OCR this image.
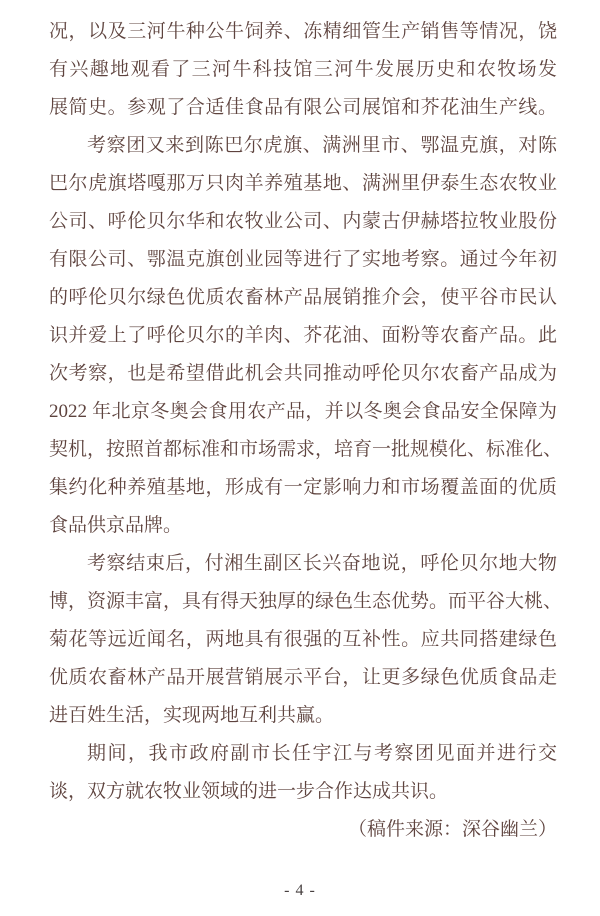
况，以及三河牛种公牛饲养、冻精细管生产销售等情况，饶
有兴趣地观看了三河牛科技馆三河牛发展历史和农牧场发
展简史。参观了合适佳食品有限公司展馆和芥花油生产线。
考察团又来到陈巴尔虎旗、满洲里市、鄂温克旗，对陈
巴尔虎旗塔嘎那万只肉羊养殖基地、满洲里伊泰生态农牧业
公司、呼伦贝尔华和农牧业公司、内蒙古伊赫塔拉牧业股份
有限公司、鄂温克旗创业园等进行了实地考察。通过今年初
的呼伦贝尔绿色优质农畜林产品展销推介会，使平谷市民认
识并爱上了呼伦贝尔的羊肉、芥花油、面粉等农畜产品。此
次考察，也是希望借此机会共同推动呼伦贝尔农畜产品成为
2022 年北京冬奥会食用农产品，并以冬奥会食品安全保障为
契机，按照首都标准和市场需求，培育一批规模化、标准化、
集约化种养殖基地，形成有一定影响力和市场覆盖面的优质
食品供京品牌。
考察结束后，付湘生副区长兴奋地说，呼伦贝尔地大物
博，资源丰富，具有得天独厚的绿色生态优势。而平谷大桃、
菊花等远近闻名，两地具有很强的互补性。应共同搭建绿色
优质农畜林产品开展营销展示平台，让更多绿色优质食品走
进百姓生活，实现两地互利共赢。
期间，我市政府副市长任宇江与考察团见面并进行交
谈，双方就农牧业领域的进一步合作达成共识。
（稿件来源：深谷幽兰）
- 4 -
